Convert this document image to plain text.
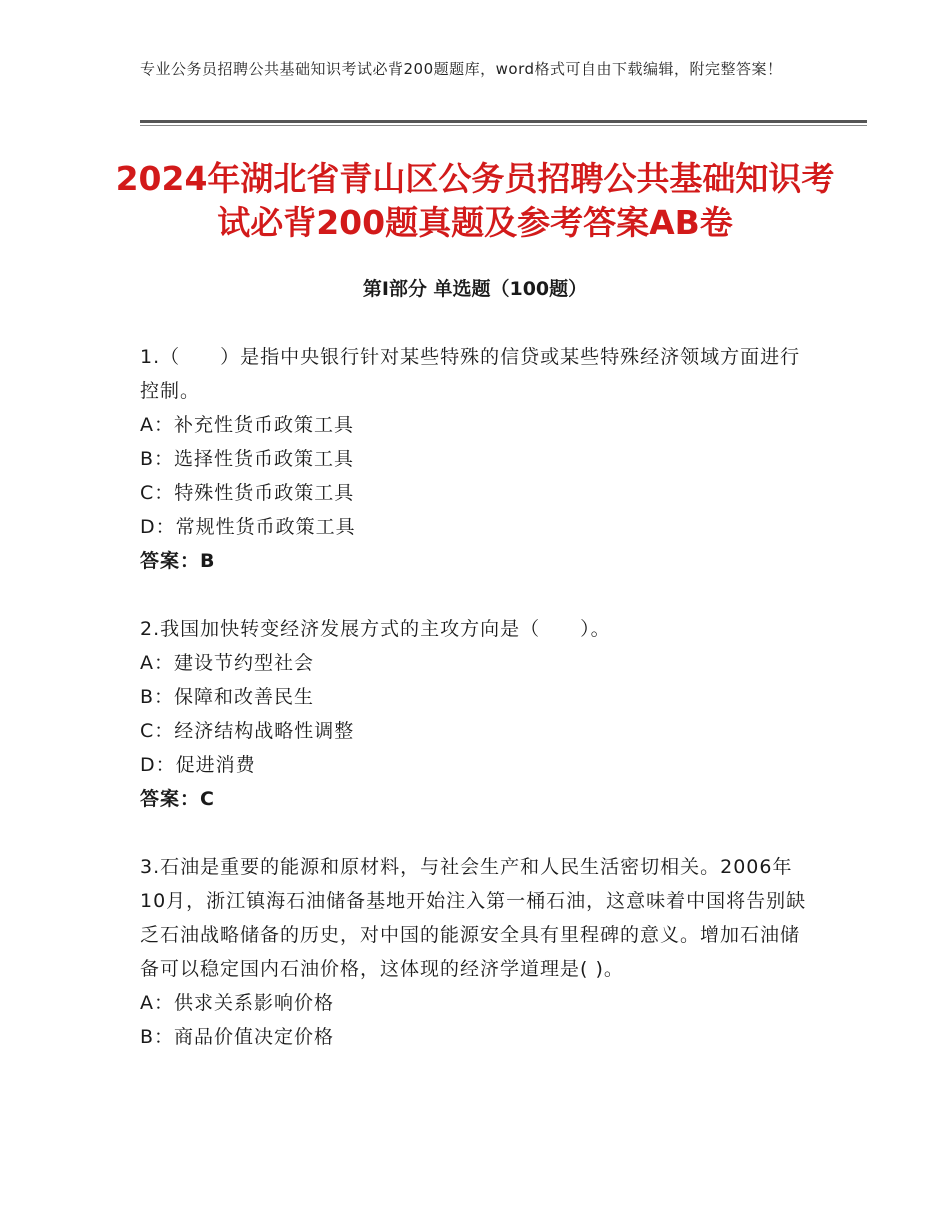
专业公务员招聘公共基础知识考试必背200题题库，word格式可自由下载编辑，附完整答案！
2024年湖北省青山区公务员招聘公共基础知识考试必背200题真题及参考答案AB卷
第Ⅰ部分 单选题（100题）

1.（　　）是指中央银行针对某些特殊的信贷或某些特殊经济领域方面进行控制。

A：补充性货币政策工具

B：选择性货币政策工具

C：特殊性货币政策工具

D：常规性货币政策工具

答案：B

2.我国加快转变经济发展方式的主攻方向是（　　）。

A：建设节约型社会

B：保障和改善民生

C：经济结构战略性调整

D：促进消费

答案：C

3.石油是重要的能源和原材料，与社会生产和人民生活密切相关。2006年10月，浙江镇海石油储备基地开始注入第一桶石油，这意味着中国将告别缺乏石油战略储备的历史，对中国的能源安全具有里程碑的意义。增加石油储备可以稳定国内石油价格，这体现的经济学道理是( )。

A：供求关系影响价格

B：商品价值决定价格
